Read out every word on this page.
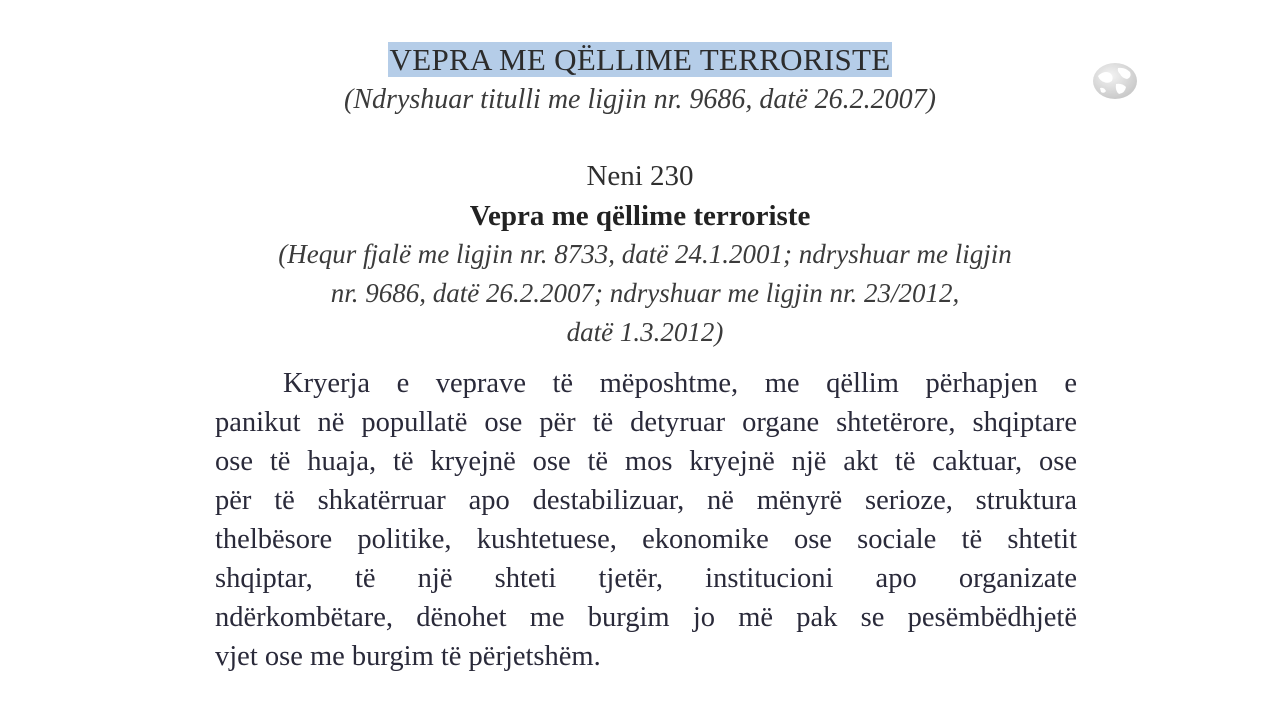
VEPRA ME QËLLIME TERRORISTE
(Ndryshuar titulli me ligjin nr. 9686, datë 26.2.2007)
Neni 230
Vepra me qëllime terroriste
(Hequr fjalë me ligjin nr. 8733, datë 24.1.2001; ndryshuar me ligjin
nr. 9686, datë 26.2.2007; ndryshuar me ligjin nr. 23/2012,
datë 1.3.2012)
Kryerja e veprave të mëposhtme, me qëllim përhapjen e
panikut në popullatë ose për të detyruar organe shtetërore, shqiptare
ose të huaja, të kryejnë ose të mos kryejnë një akt të caktuar, ose
për të shkatërruar apo destabilizuar, në mënyrë serioze, struktura
thelbësore politike, kushtetuese, ekonomike ose sociale të shtetit
shqiptar, të një shteti tjetër, institucioni apo organizate
ndërkombëtare, dënohet me burgim jo më pak se pesëmbëdhjetë
vjet ose me burgim të përjetshëm.
